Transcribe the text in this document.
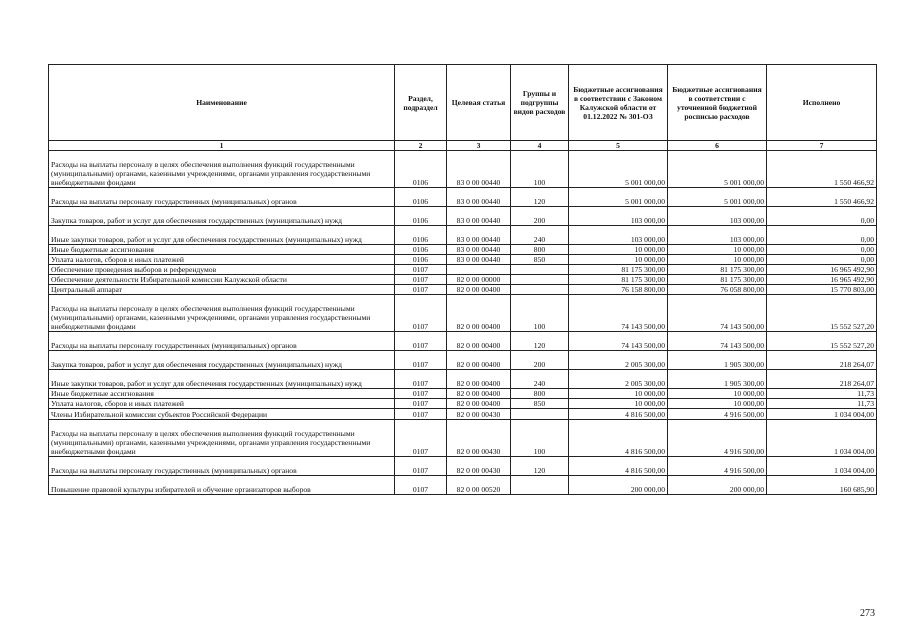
Наименование	Раздел, подраздел	Целевая статья	Группы и подгруппы видов расходов	Бюджетные ассигнования в соответствии с Законом Калужской области от 01.12.2022 № 301-ОЗ	Бюджетные ассигнования в соответствии с уточненной бюджетной росписью расходов	Исполнено
1	2	3	4	5	6	7
Расходы на выплаты персоналу в целях обеспечения выполнения функций государственными (муниципальными) органами, казенными учреждениями, органами управления государственными внебюджетными фондами	0106	83 0 00 00440	100	5 001 000,00	5 001 000,00	1 550 466,92
Расходы на выплаты персоналу государственных (муниципальных) органов	0106	83 0 00 00440	120	5 001 000,00	5 001 000,00	1 550 466,92
Закупка товаров, работ и услуг для обеспечения государственных (муниципальных) нужд	0106	83 0 00 00440	200	103 000,00	103 000,00	0,00
Иные закупки товаров, работ и услуг для обеспечения государственных (муниципальных) нужд	0106	83 0 00 00440	240	103 000,00	103 000,00	0,00
Иные бюджетные ассигнования	0106	83 0 00 00440	800	10 000,00	10 000,00	0,00
Уплата налогов, сборов и иных платежей	0106	83 0 00 00440	850	10 000,00	10 000,00	0,00
Обеспечение проведения выборов и референдумов	0107			81 175 300,00	81 175 300,00	16 965 492,90
Обеспечение деятельности Избирательной комиссии Калужской области	0107	82 0 00 00000		81 175 300,00	81 175 300,00	16 965 492,90
Центральный аппарат	0107	82 0 00 00400		76 158 800,00	76 058 800,00	15 770 803,00
Расходы на выплаты персоналу в целях обеспечения выполнения функций государственными (муниципальными) органами, казенными учреждениями, органами управления государственными внебюджетными фондами	0107	82 0 00 00400	100	74 143 500,00	74 143 500,00	15 552 527,20
Расходы на выплаты персоналу государственных (муниципальных) органов	0107	82 0 00 00400	120	74 143 500,00	74 143 500,00	15 552 527,20
Закупка товаров, работ и услуг для обеспечения государственных (муниципальных) нужд	0107	82 0 00 00400	200	2 005 300,00	1 905 300,00	218 264,07
Иные закупки товаров, работ и услуг для обеспечения государственных (муниципальных) нужд	0107	82 0 00 00400	240	2 005 300,00	1 905 300,00	218 264,07
Иные бюджетные ассигнования	0107	82 0 00 00400	800	10 000,00	10 000,00	11,73
Уплата налогов, сборов и иных платежей	0107	82 0 00 00400	850	10 000,00	10 000,00	11,73
Члены Избирательной комиссии субъектов Российской Федерации	0107	82 0 00 00430		4 816 500,00	4 916 500,00	1 034 004,00
Расходы на выплаты персоналу в целях обеспечения выполнения функций государственными (муниципальными) органами, казенными учреждениями, органами управления государственными внебюджетными фондами	0107	82 0 00 00430	100	4 816 500,00	4 916 500,00	1 034 004,00
Расходы на выплаты персоналу государственных (муниципальных) органов	0107	82 0 00 00430	120	4 816 500,00	4 916 500,00	1 034 004,00
Повышение правовой культуры избирателей и обучение организаторов выборов	0107	82 0 00 00520		200 000,00	200 000,00	160 685,90
273
